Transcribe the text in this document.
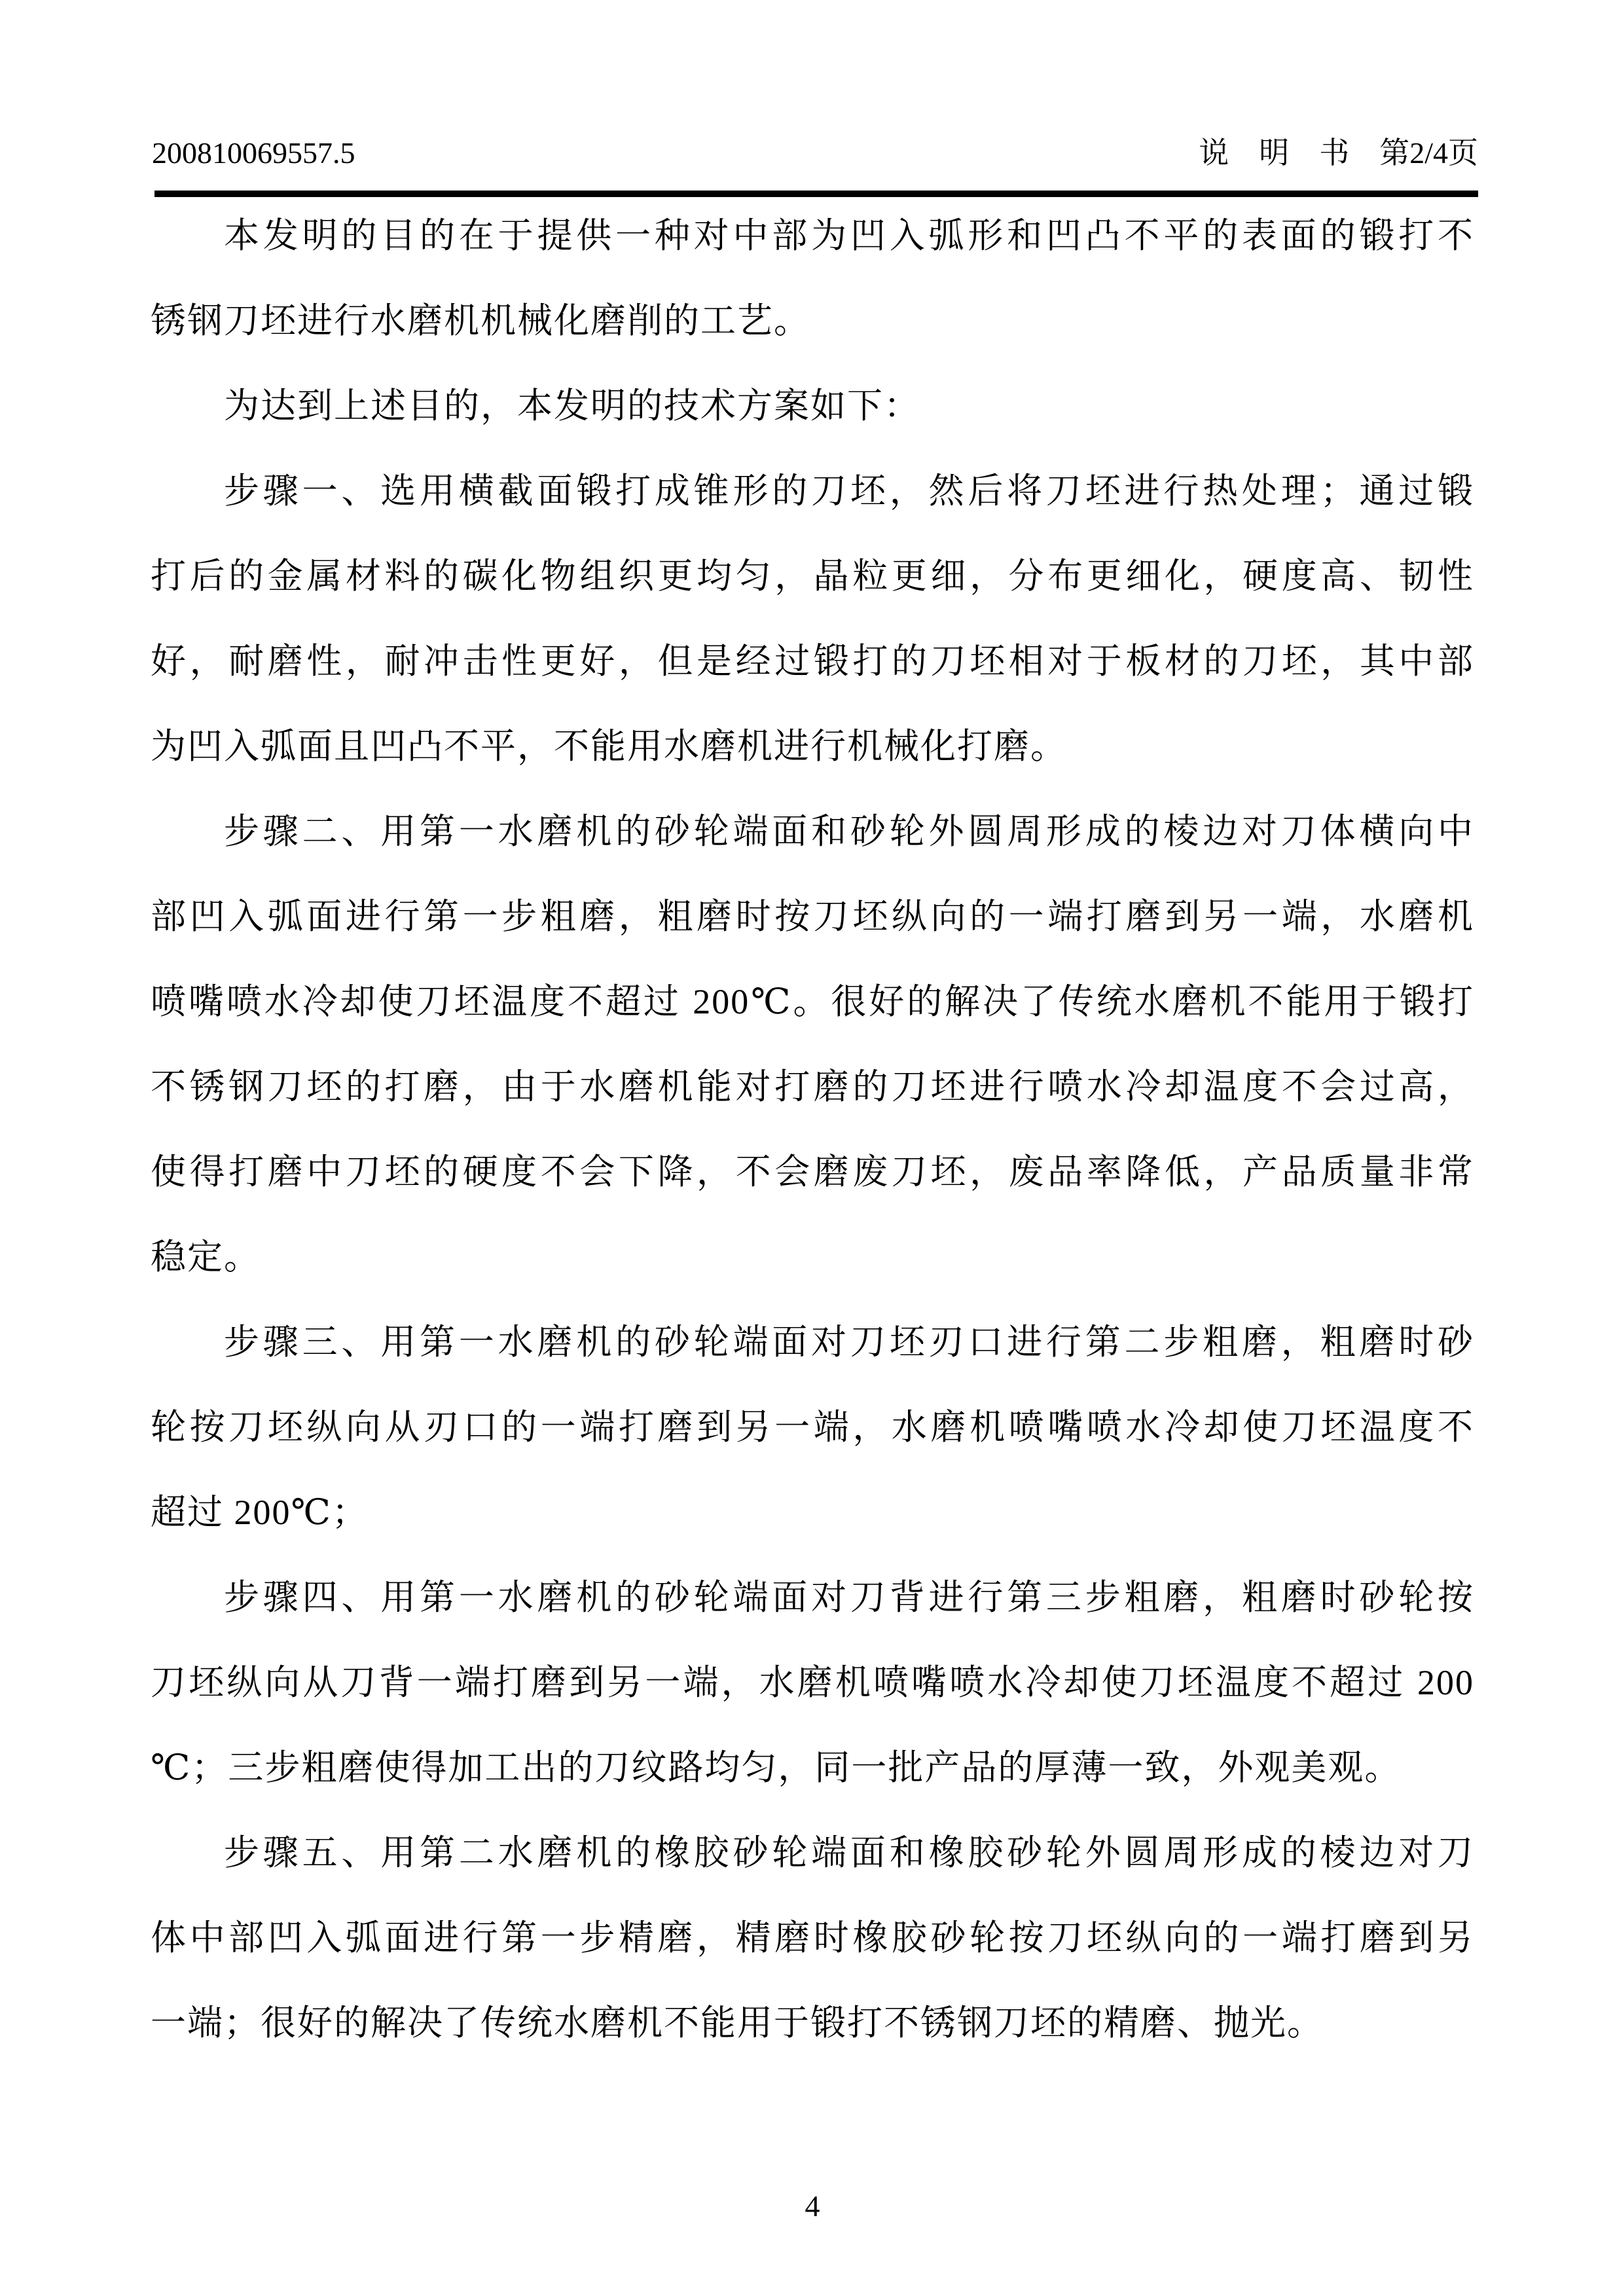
200810069557.5	说　明　书 第2/4页
本发明的目的在于提供一种对中部为凹入弧形和凹凸不平的表面的锻打不
锈钢刀坯进行水磨机机械化磨削的工艺。
为达到上述目的，本发明的技术方案如下：
步骤一、选用横截面锻打成锥形的刀坯，然后将刀坯进行热处理；通过锻
打后的金属材料的碳化物组织更均匀，晶粒更细，分布更细化，硬度高、韧性
好，耐磨性，耐冲击性更好，但是经过锻打的刀坯相对于板材的刀坯，其中部
为凹入弧面且凹凸不平，不能用水磨机进行机械化打磨。
步骤二、用第一水磨机的砂轮端面和砂轮外圆周形成的棱边对刀体横向中
部凹入弧面进行第一步粗磨，粗磨时按刀坯纵向的一端打磨到另一端，水磨机
喷嘴喷水冷却使刀坯温度不超过 200℃。很好的解决了传统水磨机不能用于锻打
不锈钢刀坯的打磨，由于水磨机能对打磨的刀坯进行喷水冷却温度不会过高，
使得打磨中刀坯的硬度不会下降，不会磨废刀坯，废品率降低，产品质量非常
稳定。
步骤三、用第一水磨机的砂轮端面对刀坯刃口进行第二步粗磨，粗磨时砂
轮按刀坯纵向从刃口的一端打磨到另一端，水磨机喷嘴喷水冷却使刀坯温度不
超过 200℃；
步骤四、用第一水磨机的砂轮端面对刀背进行第三步粗磨，粗磨时砂轮按
刀坯纵向从刀背一端打磨到另一端，水磨机喷嘴喷水冷却使刀坯温度不超过 200
℃；三步粗磨使得加工出的刀纹路均匀，同一批产品的厚薄一致，外观美观。
步骤五、用第二水磨机的橡胶砂轮端面和橡胶砂轮外圆周形成的棱边对刀
体中部凹入弧面进行第一步精磨，精磨时橡胶砂轮按刀坯纵向的一端打磨到另
一端；很好的解决了传统水磨机不能用于锻打不锈钢刀坯的精磨、抛光。
4
